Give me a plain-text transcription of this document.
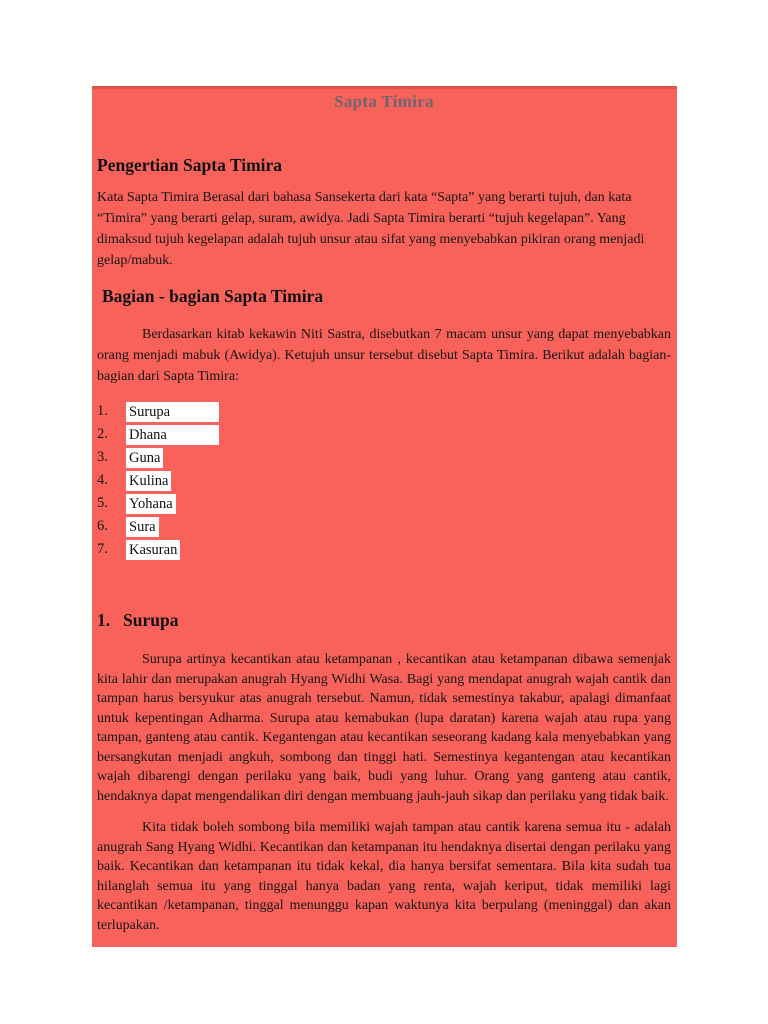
Sapta Timira
Pengertian Sapta Timira
Kata Sapta Timira Berasal dari bahasa Sansekerta dari kata “Sapta” yang berarti tujuh, dan kata “Timira” yang berarti gelap, suram, awidya. Jadi Sapta Timira berarti “tujuh kegelapan”. Yang dimaksud tujuh kegelapan adalah tujuh unsur atau sifat yang menyebabkan pikiran orang menjadi gelap/mabuk.
Bagian - bagian Sapta Timira
Berdasarkan kitab kekawin Niti Sastra, disebutkan 7 macam unsur yang dapat menyebabkan orang menjadi mabuk (Awidya). Ketujuh unsur tersebut disebut Sapta Timira. Berikut adalah bagian-bagian dari Sapta Timira:
1.	Surupa
2.	Dhana
3.	Guna
4.	Kulina
5.	Yohana
6.	Sura
7.	Kasuran
1. Surupa
Surupa artinya kecantikan atau ketampanan , kecantikan atau ketampanan dibawa semenjak kita lahir dan merupakan anugrah Hyang Widhi Wasa. Bagi yang mendapat anugrah wajah cantik dan tampan harus bersyukur atas anugrah tersebut. Namun, tidak semestinya takabur, apalagi dimanfaat untuk kepentingan Adharma. Surupa atau kemabukan (lupa daratan) karena wajah atau rupa yang tampan, ganteng atau cantik. Kegantengan atau kecantikan seseorang kadang kala menyebabkan yang bersangkutan menjadi angkuh, sombong dan tinggi hati. Semestinya kegantengan atau kecantikan wajah dibarengi dengan perilaku yang baik, budi yang luhur. Orang yang ganteng atau cantik, hendaknya dapat mengendalikan diri dengan membuang jauh-jauh sikap dan perilaku yang tidak baik.
Kita tidak boleh sombong bila memiliki wajah tampan atau cantik karena semua itu - adalah anugrah Sang Hyang Widhi. Kecantikan dan ketampanan itu hendaknya disertai dengan perilaku yang baik. Kecantikan dan ketampanan itu tidak kekal, dia hanya bersifat sementara. Bila kita sudah tua hilanglah semua itu yang tinggal hanya badan yang renta, wajah keriput, tidak memiliki lagi kecantikan /ketampanan, tinggal menunggu kapan waktunya kita berpulang (meninggal) dan akan terlupakan.
